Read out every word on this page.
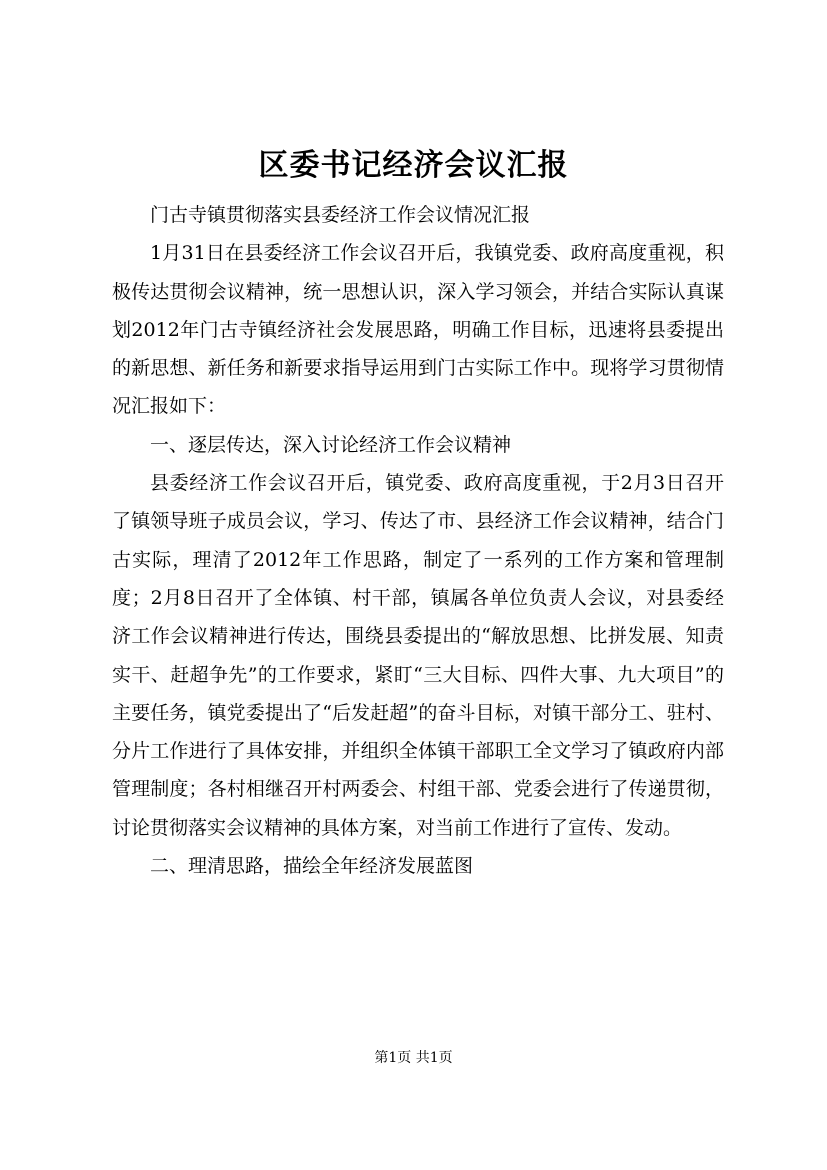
区委书记经济会议汇报

门古寺镇贯彻落实县委经济工作会议情况汇报

1月31日在县委经济工作会议召开后，我镇党委、政府高度重视，积极传达贯彻会议精神，统一思想认识，深入学习领会，并结合实际认真谋划2012年门古寺镇经济社会发展思路，明确工作目标，迅速将县委提出的新思想、新任务和新要求指导运用到门古实际工作中。现将学习贯彻情况汇报如下：

一、逐层传达，深入讨论经济工作会议精神

县委经济工作会议召开后，镇党委、政府高度重视，于2月3日召开了镇领导班子成员会议，学习、传达了市、县经济工作会议精神，结合门古实际，理清了2012年工作思路，制定了一系列的工作方案和管理制度；2月8日召开了全体镇、村干部，镇属各单位负责人会议，对县委经济工作会议精神进行传达，围绕县委提出的“解放思想、比拼发展、知责实干、赶超争先”的工作要求，紧盯“三大目标、四件大事、九大项目”的主要任务，镇党委提出了“后发赶超”的奋斗目标，对镇干部分工、驻村、分片工作进行了具体安排，并组织全体镇干部职工全文学习了镇政府内部管理制度；各村相继召开村两委会、村组干部、党委会进行了传递贯彻，讨论贯彻落实会议精神的具体方案，对当前工作进行了宣传、发动。

二、理清思路，描绘全年经济发展蓝图

第1页 共1页
